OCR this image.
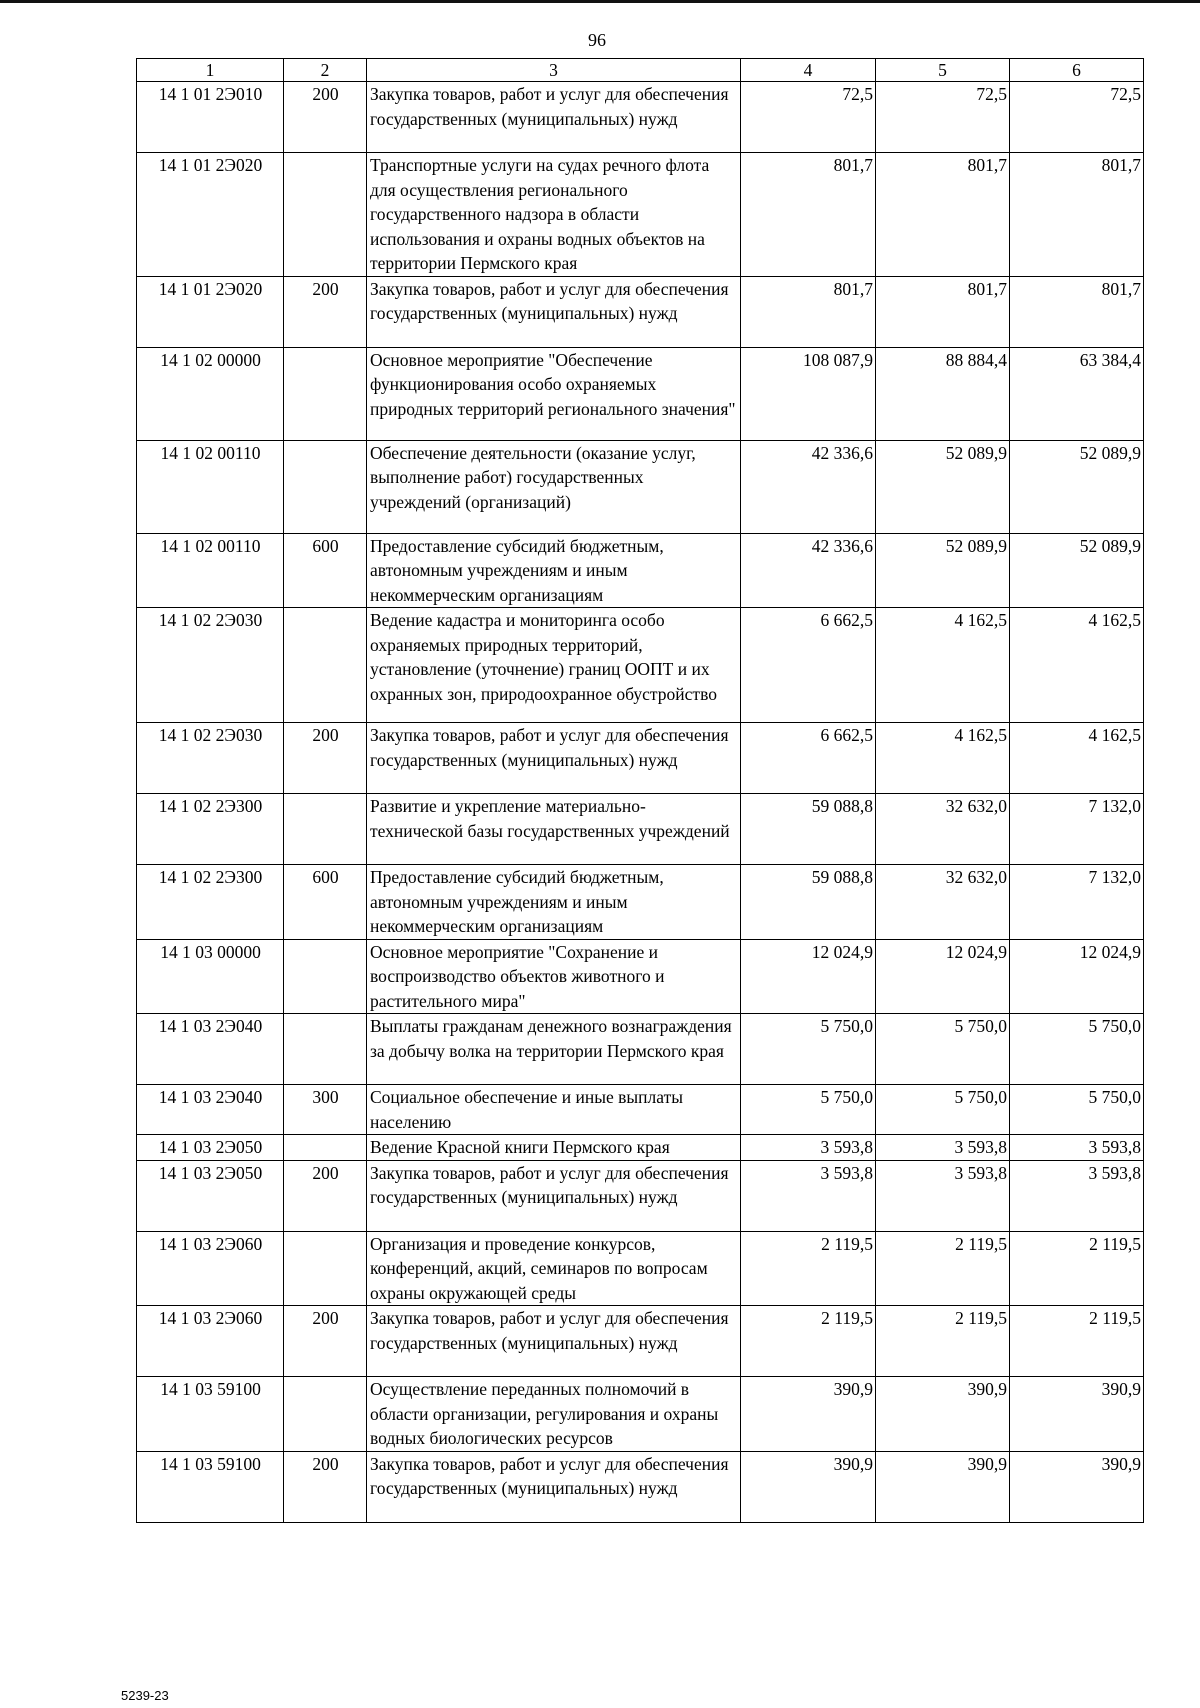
96
1	2	3	4	5	6
14 1 01 2Э010	200	Закупка товаров, работ и услуг для обеспечения государственных (муниципальных) нужд	72,5	72,5	72,5
14 1 01 2Э020		Транспортные услуги на судах речного флота для осуществления регионального государственного надзора в области использования и охраны водных объектов на территории Пермского края	801,7	801,7	801,7
14 1 01 2Э020	200	Закупка товаров, работ и услуг для обеспечения государственных (муниципальных) нужд	801,7	801,7	801,7
14 1 02 00000		Основное мероприятие "Обеспечение функционирования особо охраняемых природных территорий регионального значения"	108 087,9	88 884,4	63 384,4
14 1 02 00110		Обеспечение деятельности (оказание услуг, выполнение работ) государственных учреждений (организаций)	42 336,6	52 089,9	52 089,9
14 1 02 00110	600	Предоставление субсидий бюджетным, автономным учреждениям и иным некоммерческим организациям	42 336,6	52 089,9	52 089,9
14 1 02 2Э030		Ведение кадастра и мониторинга особо охраняемых природных территорий, установление (уточнение) границ ООПТ и их охранных зон, природоохранное обустройство	6 662,5	4 162,5	4 162,5
14 1 02 2Э030	200	Закупка товаров, работ и услуг для обеспечения государственных (муниципальных) нужд	6 662,5	4 162,5	4 162,5
14 1 02 2Э300		Развитие и укрепление материально-технической базы государственных учреждений	59 088,8	32 632,0	7 132,0
14 1 02 2Э300	600	Предоставление субсидий бюджетным, автономным учреждениям и иным некоммерческим организациям	59 088,8	32 632,0	7 132,0
14 1 03 00000		Основное мероприятие "Сохранение и воспроизводство объектов животного и растительного мира"	12 024,9	12 024,9	12 024,9
14 1 03 2Э040		Выплаты гражданам денежного вознаграждения за добычу волка на территории Пермского края	5 750,0	5 750,0	5 750,0
14 1 03 2Э040	300	Социальное обеспечение и иные выплаты населению	5 750,0	5 750,0	5 750,0
14 1 03 2Э050		Ведение Красной книги Пермского края	3 593,8	3 593,8	3 593,8
14 1 03 2Э050	200	Закупка товаров, работ и услуг для обеспечения государственных (муниципальных) нужд	3 593,8	3 593,8	3 593,8
14 1 03 2Э060		Организация и проведение конкурсов, конференций, акций, семинаров по вопросам охраны окружающей среды	2 119,5	2 119,5	2 119,5
14 1 03 2Э060	200	Закупка товаров, работ и услуг для обеспечения государственных (муниципальных) нужд	2 119,5	2 119,5	2 119,5
14 1 03 59100		Осуществление переданных полномочий в области организации, регулирования и охраны водных биологических ресурсов	390,9	390,9	390,9
14 1 03 59100	200	Закупка товаров, работ и услуг для обеспечения государственных (муниципальных) нужд	390,9	390,9	390,9
5239-23
